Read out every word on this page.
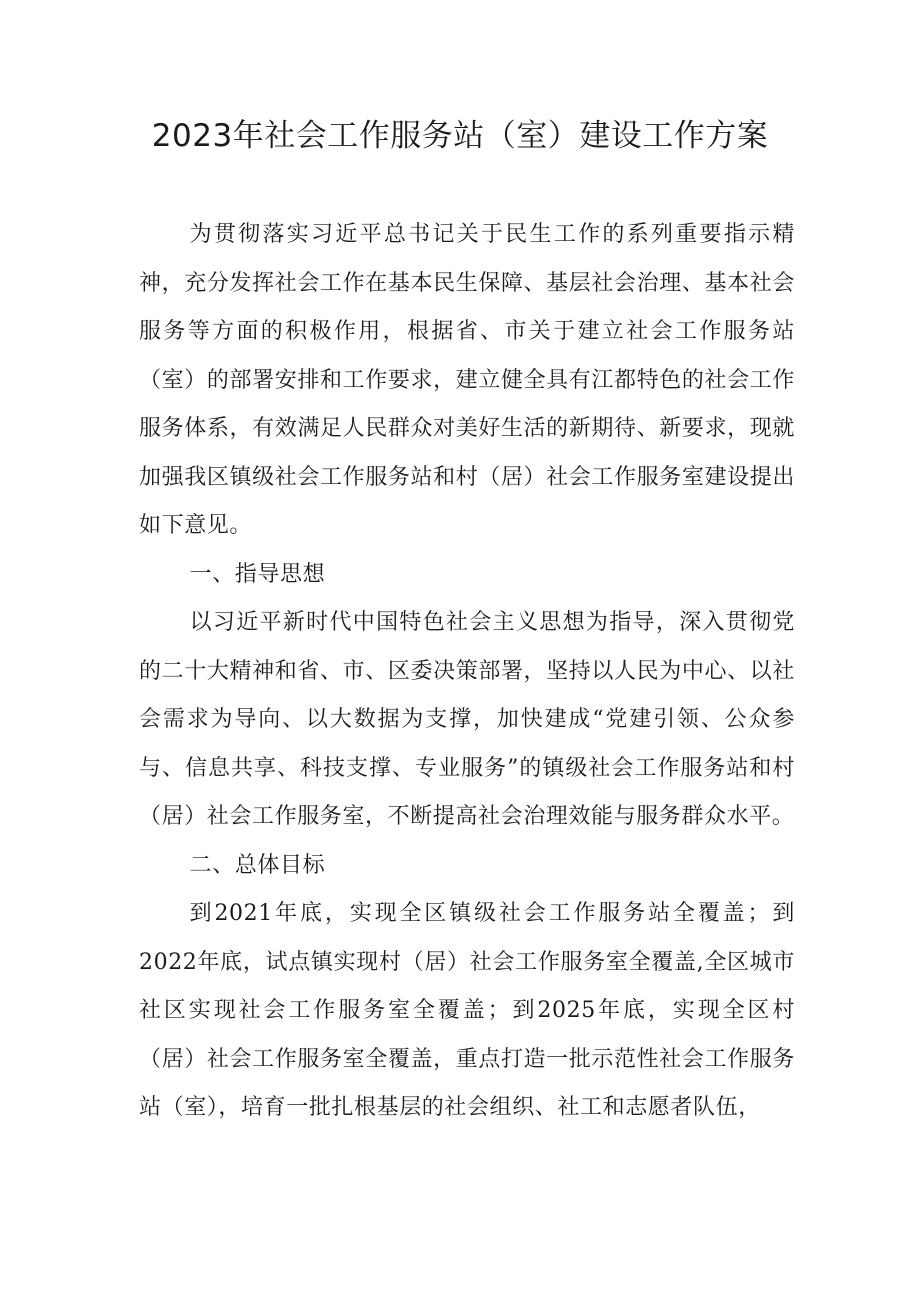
2023年社会工作服务站（室）建设工作方案

为贯彻落实习近平总书记关于民生工作的系列重要指示精神，充分发挥社会工作在基本民生保障、基层社会治理、基本社会服务等方面的积极作用，根据省、市关于建立社会工作服务站（室）的部署安排和工作要求，建立健全具有江都特色的社会工作服务体系，有效满足人民群众对美好生活的新期待、新要求，现就加强我区镇级社会工作服务站和村（居）社会工作服务室建设提出如下意见。

一、指导思想

以习近平新时代中国特色社会主义思想为指导，深入贯彻党的二十大精神和省、市、区委决策部署，坚持以人民为中心、以社会需求为导向、以大数据为支撑，加快建成“党建引领、公众参与、信息共享、科技支撑、专业服务”的镇级社会工作服务站和村（居）社会工作服务室，不断提高社会治理效能与服务群众水平。

二、总体目标

到2021年底，实现全区镇级社会工作服务站全覆盖；到2022年底，试点镇实现村（居）社会工作服务室全覆盖,全区城市社区实现社会工作服务室全覆盖；到2025年底，实现全区村（居）社会工作服务室全覆盖，重点打造一批示范性社会工作服务站（室），培育一批扎根基层的社会组织、社工和志愿者队伍，
